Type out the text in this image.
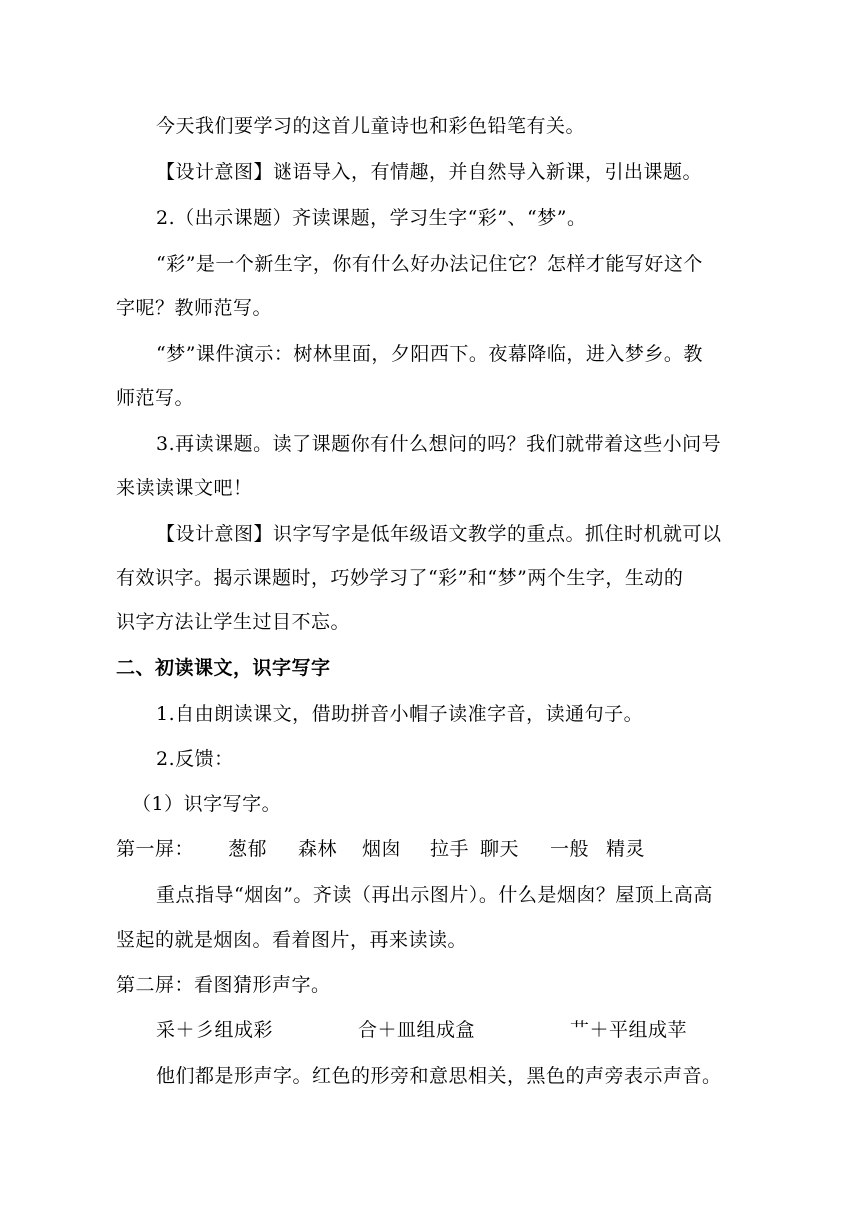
今天我们要学习的这首儿童诗也和彩色铅笔有关。
【设计意图】谜语导入，有情趣，并自然导入新课，引出课题。
2.（出示课题）齐读课题，学习生字“彩”、“梦”。
“彩”是一个新生字，你有什么好办法记住它？怎样才能写好这个
字呢？教师范写。
“梦”课件演示：树林里面，夕阳西下。夜幕降临，进入梦乡。教
师范写。
3.再读课题。读了课题你有什么想问的吗？我们就带着这些小问号
来读读课文吧！
【设计意图】识字写字是低年级语文教学的重点。抓住时机就可以
有效识字。揭示课题时，巧妙学习了“彩”和“梦”两个生字，生动的
识字方法让学生过目不忘。
二、初读课文，识字写字
1.自由朗读课文，借助拼音小帽子读准字音，读通句子。
2.反馈：
（1）识字写字。
第一屏： 葱郁 森林 烟囱 拉手 聊天 一般 精灵
重点指导“烟囱”。齐读（再出示图片）。什么是烟囱？屋顶上高高
竖起的就是烟囱。看着图片，再来读读。
第二屏：看图猜形声字。
采＋彡组成彩	合＋皿组成盒	艹＋平组成苹
他们都是形声字。红色的形旁和意思相关，黑色的声旁表示声音。
